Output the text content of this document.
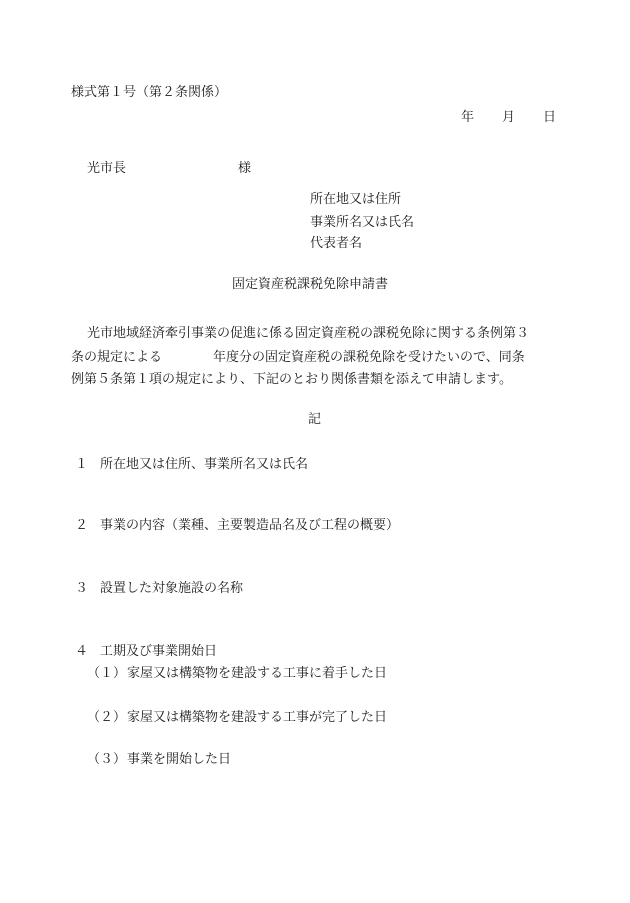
様式第１号（第２条関係）
年 月 日
光市長	様
所在地又は住所
事業所名又は氏名
代表者名
固定資産税課税免除申請書
光市地域経済牽引事業の促進に係る固定資産税の課税免除に関する条例第３
条の規定による	年度分の固定資産税の課税免除を受けたいので、同条
例第５条第１項の規定により、下記のとおり関係書類を添えて申請します。
記
１ 所在地又は住所、事業所名又は氏名
２ 事業の内容（業種、主要製造品名及び工程の概要）
３ 設置した対象施設の名称
４ 工期及び事業開始日
（１） 家屋又は構築物を建設する工事に着手した日
（２） 家屋又は構築物を建設する工事が完了した日
（３） 事業を開始した日
